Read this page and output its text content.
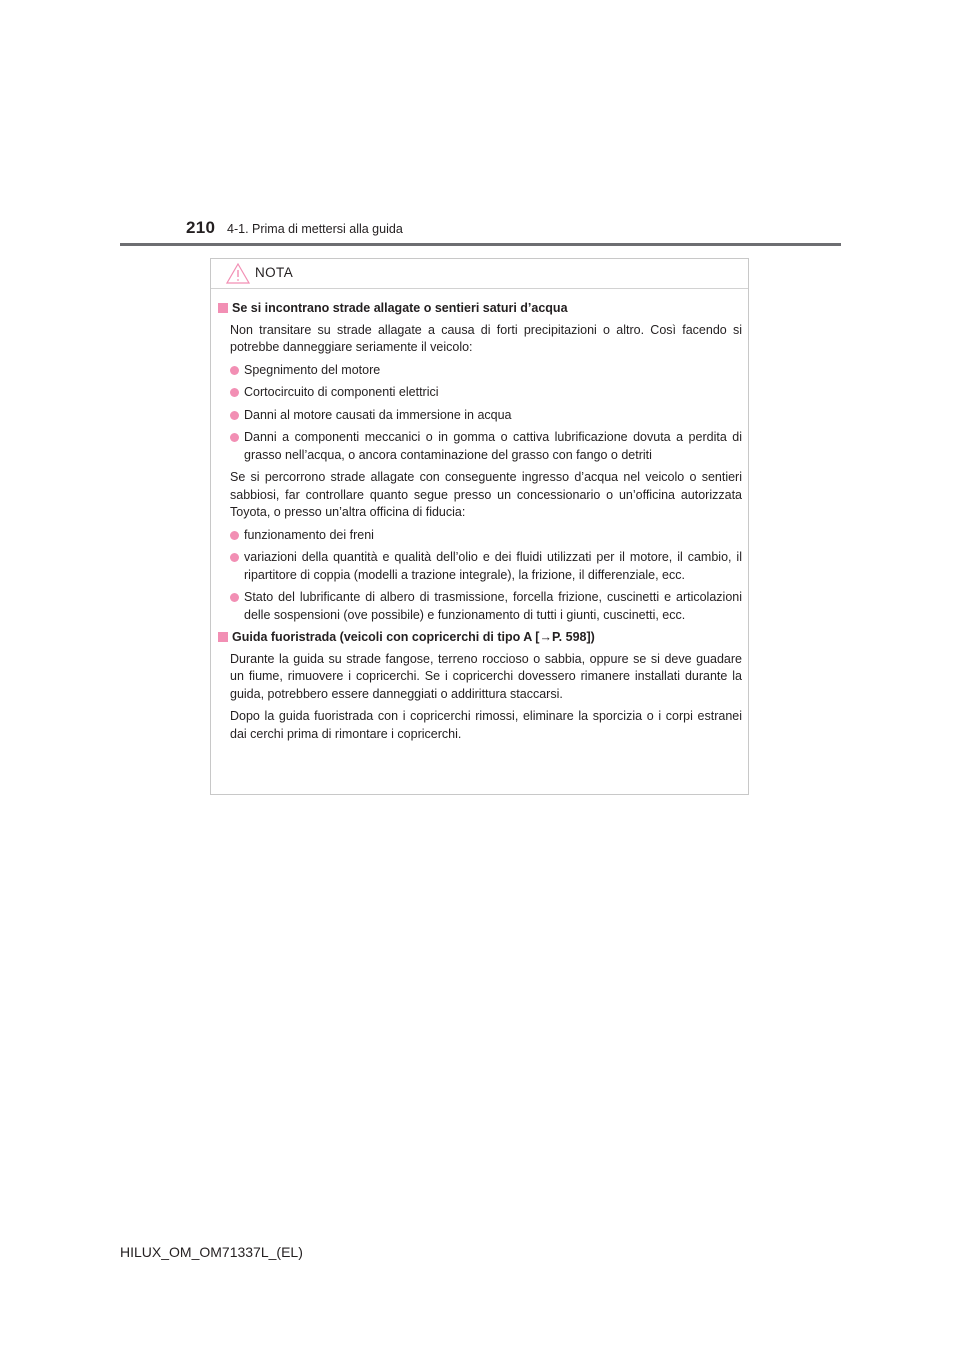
210 4-1. Prima di mettersi alla guida
NOTA
Se si incontrano strade allagate o sentieri saturi d’acqua
Non transitare su strade allagate a causa di forti precipitazioni o altro. Così facendo si potrebbe danneggiare seriamente il veicolo:
Spegnimento del motore
Cortocircuito di componenti elettrici
Danni al motore causati da immersione in acqua
Danni a componenti meccanici o in gomma o cattiva lubrificazione dovuta a perdita di grasso nell’acqua, o ancora contaminazione del grasso con fango o detriti
Se si percorrono strade allagate con conseguente ingresso d’acqua nel veicolo o sentieri sabbiosi, far controllare quanto segue presso un concessionario o un’officina autorizzata Toyota, o presso un’altra officina di fiducia:
funzionamento dei freni
variazioni della quantità e qualità dell’olio e dei fluidi utilizzati per il motore, il cambio, il ripartitore di coppia (modelli a trazione integrale), la frizione, il differenziale, ecc.
Stato del lubrificante di albero di trasmissione, forcella frizione, cuscinetti e articolazioni delle sospensioni (ove possibile) e funzionamento di tutti i giunti, cuscinetti, ecc.
Guida fuoristrada (veicoli con copricerchi di tipo A [→P. 598])
Durante la guida su strade fangose, terreno roccioso o sabbia, oppure se si deve guadare un fiume, rimuovere i copricerchi. Se i copricerchi dovessero rimanere installati durante la guida, potrebbero essere danneggiati o addirittura staccarsi.
Dopo la guida fuoristrada con i copricerchi rimossi, eliminare la sporcizia o i corpi estranei dai cerchi prima di rimontare i copricerchi.
HILUX_OM_OM71337L_(EL)
